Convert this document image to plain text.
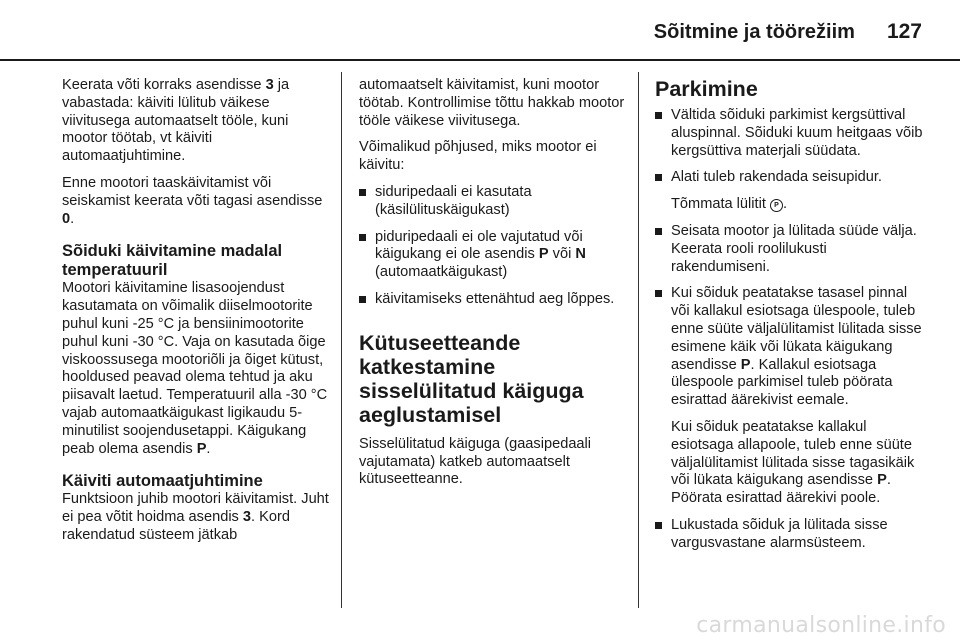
Sõitmine ja töörežiim 127

Keerata võti korraks asendisse 3 ja vabastada: käiviti lülitub väikese viivitusega automaatselt tööle, kuni mootor töötab, vt käiviti automaatjuhtimine.

Enne mootori taaskäivitamist või seiskamist keerata võti tagasi asendisse 0.

Sõiduki käivitamine madalal temperatuuril

Mootori käivitamine lisasoojendust kasutamata on võimalik diiselmootorite puhul kuni -25 °C ja bensiinimootorite puhul kuni -30 °C. Vaja on kasutada õige viskoossusega mootoriõli ja õiget kütust, hooldused peavad olema tehtud ja aku piisavalt laetud. Temperatuuril alla -30 °C vajab automaatkäigukast ligikaudu 5-minutilist soojendusetappi. Käigukang peab olema asendis P.

Käiviti automaatjuhtimine

Funktsioon juhib mootori käivitamist. Juht ei pea võtit hoidma asendis 3. Kord rakendatud süsteem jätkab

automaatselt käivitamist, kuni mootor töötab. Kontrollimise tõttu hakkab mootor tööle väikese viivitusega.

Võimalikud põhjused, miks mootor ei käivitu:

siduripedaali ei kasutata (käsilülituskäigukast)
piduripedaali ei ole vajutatud või käigukang ei ole asendis P või N (automaatkäigukast)
käivitamiseks ettenähtud aeg lõppes.
Kütuseetteande katkestamine sisselülitatud käiguga aeglustamisel

Sisselülitatud käiguga (gaasipedaali vajutamata) katkeb automaatselt kütuseetteanne.

Parkimine
Vältida sõiduki parkimist kergsüttival aluspinnal. Sõiduki kuum heitgaas võib kergsüttiva materjali süüdata.
Alati tuleb rakendada seisupidur.
Tõmmata lülitit P .
Seisata mootor ja lülitada süüde välja. Keerata rooli roolilukusti rakendumiseni.
Kui sõiduk peatatakse tasasel pinnal või kallakul esiotsaga ülespoole, tuleb enne süüte väljalülitamist lülitada sisse esimene käik või lükata käigukang asendisse P. Kallakul esiotsaga ülespoole parkimisel tuleb pöörata esirattad äärekivist eemale.
Kui sõiduk peatatakse kallakul esiotsaga allapoole, tuleb enne süüte väljalülitamist lülitada sisse tagasikäik või lükata käigukang asendisse P. Pöörata esirattad äärekivi poole.
Lukustada sõiduk ja lülitada sisse vargusvastane alarmsüsteem.
carmanualsonline.info
